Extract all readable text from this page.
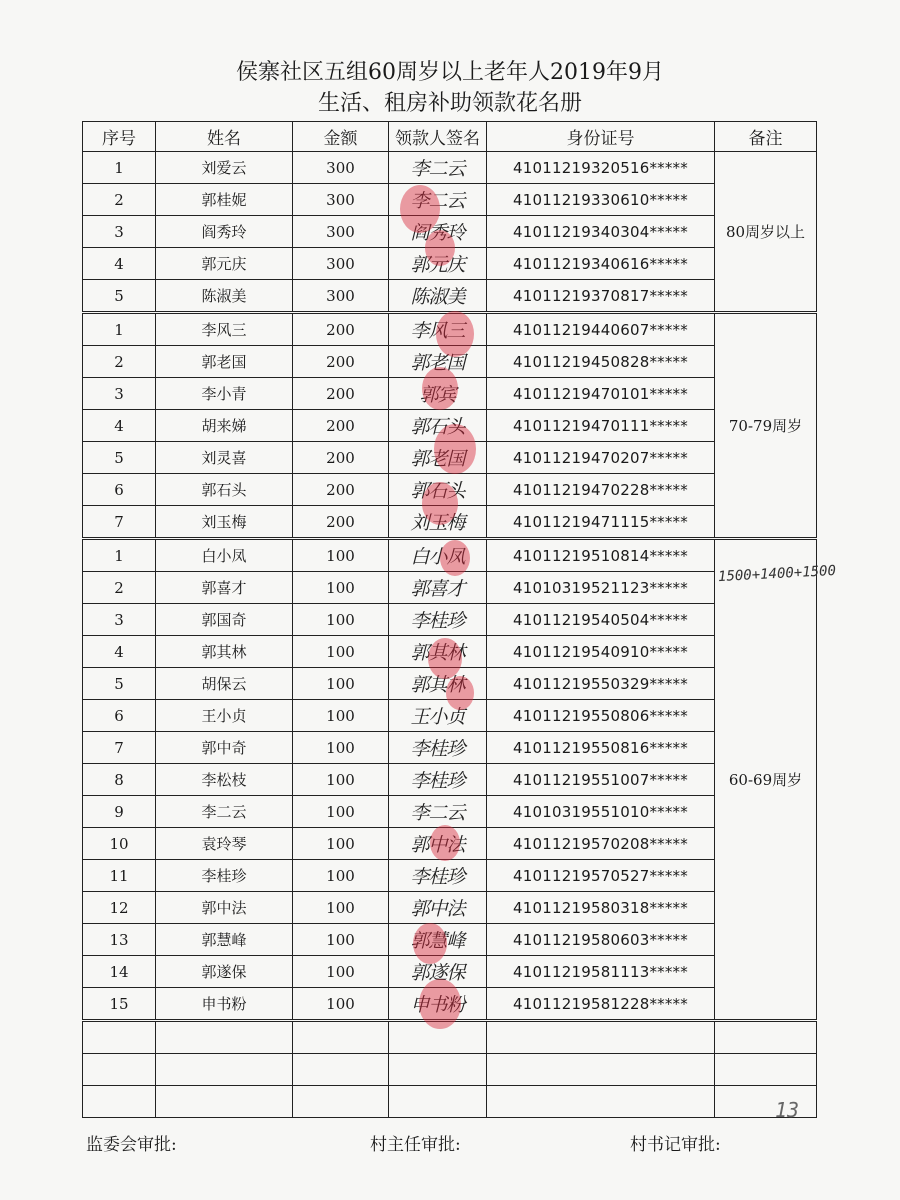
侯寨社区五组60周岁以上老年人2019年9月
生活、租房补助领款花名册
序号	姓名	金额	领款人签名	身份证号	备注
1	刘爱云	300	李二云	41011219320516*****	80周岁以上
2	郭桂妮	300	李二云	41011219330610*****	
3	阎秀玲	300	阎秀玲	41011219340304*****	
4	郭元庆	300	郭元庆	41011219340616*****	
5	陈淑美	300	陈淑美	41011219370817*****	
1	李风三	200	李风三	41011219440607*****	70-79周岁
2	郭老国	200	郭老国	41011219450828*****	
3	李小青	200	郭宾	41011219470101*****	
4	胡来娣	200	郭石头	41011219470111*****	
5	刘灵喜	200	郭老国	41011219470207*****	
6	郭石头	200	郭石头	41011219470228*****	
7	刘玉梅	200	刘玉梅	41011219471115*****	
1	白小凤	100	白小凤	41011219510814*****	60-69周岁
2	郭喜才	100	郭喜才	41010319521123*****	
3	郭国奇	100	李桂珍	41011219540504*****	
4	郭其林	100	郭其林	41011219540910*****	
5	胡保云	100	郭其林	41011219550329*****	
6	王小贞	100	王小贞	41011219550806*****	
7	郭中奇	100	李桂珍	41011219550816*****	
8	李松枝	100	李桂珍	41011219551007*****	
9	李二云	100	李二云	41010319551010*****	
10	袁玲琴	100	郭中法	41011219570208*****	
11	李桂珍	100	李桂珍	41011219570527*****	
12	郭中法	100	郭中法	41011219580318*****	
13	郭慧峰	100	郭慧峰	41011219580603*****	
14	郭遂保	100	郭遂保	41011219581113*****	
15	申书粉	100	申书粉	41011219581228*****	

1500+1400+1500
13
监委会审批:	村主任审批:	村书记审批:
